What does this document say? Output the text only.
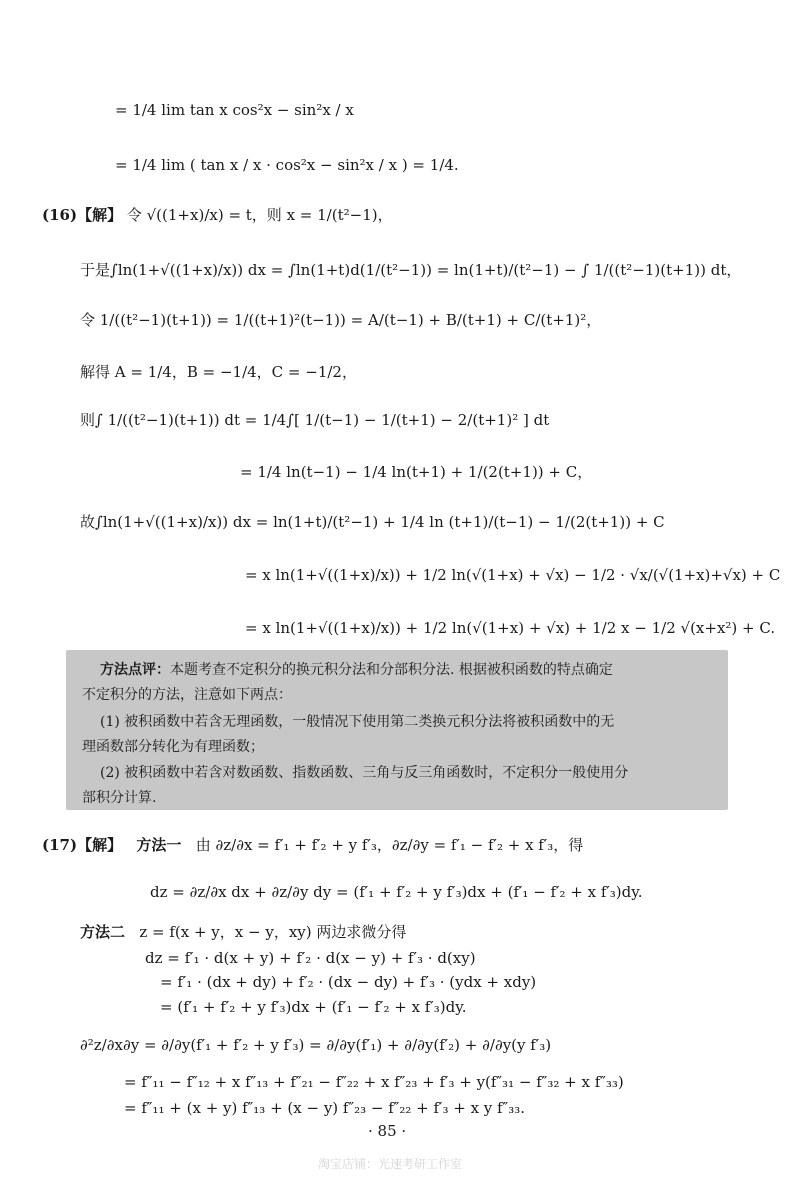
= 1/4 lim tan x cos²x − sin²x / x
= 1/4 lim ( tan x / x · cos²x − sin²x / x ) = 1/4.
(16)【解】 令 √((1+x)/x) = t，则 x = 1/(t²−1)，
于是∫ln(1+√((1+x)/x)) dx = ∫ln(1+t)d(1/(t²−1)) = ln(1+t)/(t²−1) − ∫ 1/((t²−1)(t+1)) dt，
令 1/((t²−1)(t+1)) = 1/((t+1)²(t−1)) = A/(t−1) + B/(t+1) + C/(t+1)²，
解得 A = 1/4，B = −1/4，C = −1/2，
则∫ 1/((t²−1)(t+1)) dt = 1/4∫[ 1/(t−1) − 1/(t+1) − 2/(t+1)² ] dt
= 1/4 ln(t−1) − 1/4 ln(t+1) + 1/(2(t+1)) + C，
故∫ln(1+√((1+x)/x)) dx = ln(1+t)/(t²−1) + 1/4 ln (t+1)/(t−1) − 1/(2(t+1)) + C
= x ln(1+√((1+x)/x)) + 1/2 ln(√(1+x) + √x) − 1/2 · √x/(√(1+x)+√x) + C
= x ln(1+√((1+x)/x)) + 1/2 ln(√(1+x) + √x) + 1/2 x − 1/2 √(x+x²) + C.
方法点评：本题考查不定积分的换元积分法和分部积分法. 根据被积函数的特点确定
不定积分的方法，注意如下两点：
(1) 被积函数中若含无理函数，一般情况下使用第二类换元积分法将被积函数中的无
理函数部分转化为有理函数；
(2) 被积函数中若含对数函数、指数函数、三角与反三角函数时，不定积分一般使用分
部积分计算.
(17)【解】 方法一 由 ∂z/∂x = f′₁ + f′₂ + y f′₃，∂z/∂y = f′₁ − f′₂ + x f′₃，得
dz = ∂z/∂x dx + ∂z/∂y dy = (f′₁ + f′₂ + y f′₃)dx + (f′₁ − f′₂ + x f′₃)dy.
方法二 z = f(x + y，x − y，xy) 两边求微分得
dz = f′₁ · d(x + y) + f′₂ · d(x − y) + f′₃ · d(xy)
= f′₁ · (dx + dy) + f′₂ · (dx − dy) + f′₃ · (ydx + xdy)
= (f′₁ + f′₂ + y f′₃)dx + (f′₁ − f′₂ + x f′₃)dy.
∂²z/∂x∂y = ∂/∂y(f′₁ + f′₂ + y f′₃) = ∂/∂y(f′₁) + ∂/∂y(f′₂) + ∂/∂y(y f′₃)
= f″₁₁ − f″₁₂ + x f″₁₃ + f″₂₁ − f″₂₂ + x f″₂₃ + f′₃ + y(f″₃₁ − f″₃₂ + x f″₃₃)
= f″₁₁ + (x + y) f″₁₃ + (x − y) f″₂₃ − f″₂₂ + f′₃ + x y f″₃₃.
· 85 ·
淘宝店铺：光速考研工作室
